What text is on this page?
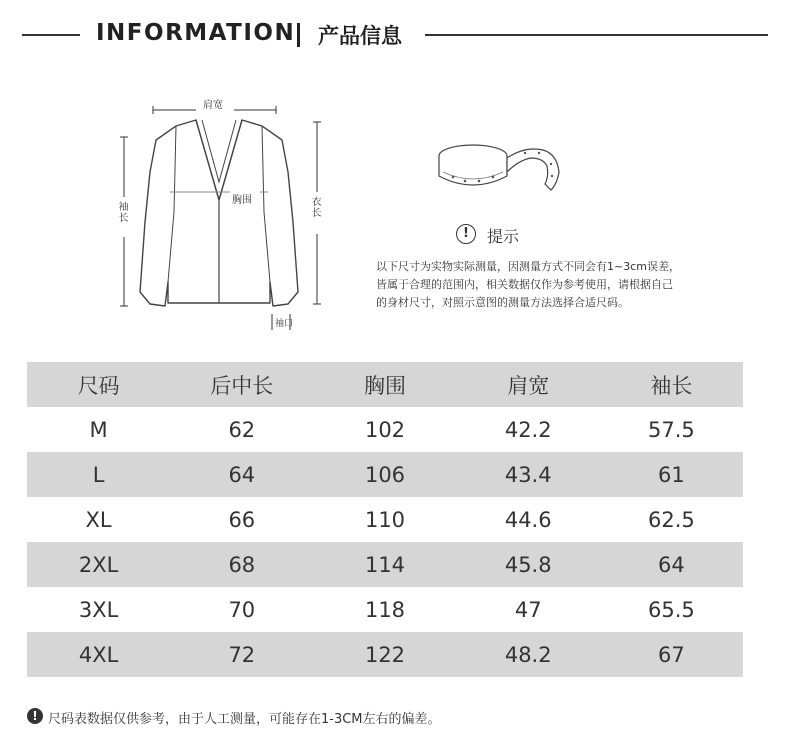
INFORMATION 产品信息
肩宽
胸围
袖长
衣长
袖口
!	提示
以下尺寸为实物实际测量，因测量方式不同会有1~3cm误差，
皆属于合理的范围内，相关数据仅作为参考使用，请根据自己
的身材尺寸，对照示意图的测量方法选择合适尺码。
尺码	后中长	胸围	肩宽	袖长
M	62	102	42.2	57.5
L	64	106	43.4	61
XL	66	110	44.6	62.5
2XL	68	114	45.8	64
3XL	70	118	47	65.5
4XL	72	122	48.2	67
! 尺码表数据仅供参考，由于人工测量，可能存在1-3CM左右的偏差。
